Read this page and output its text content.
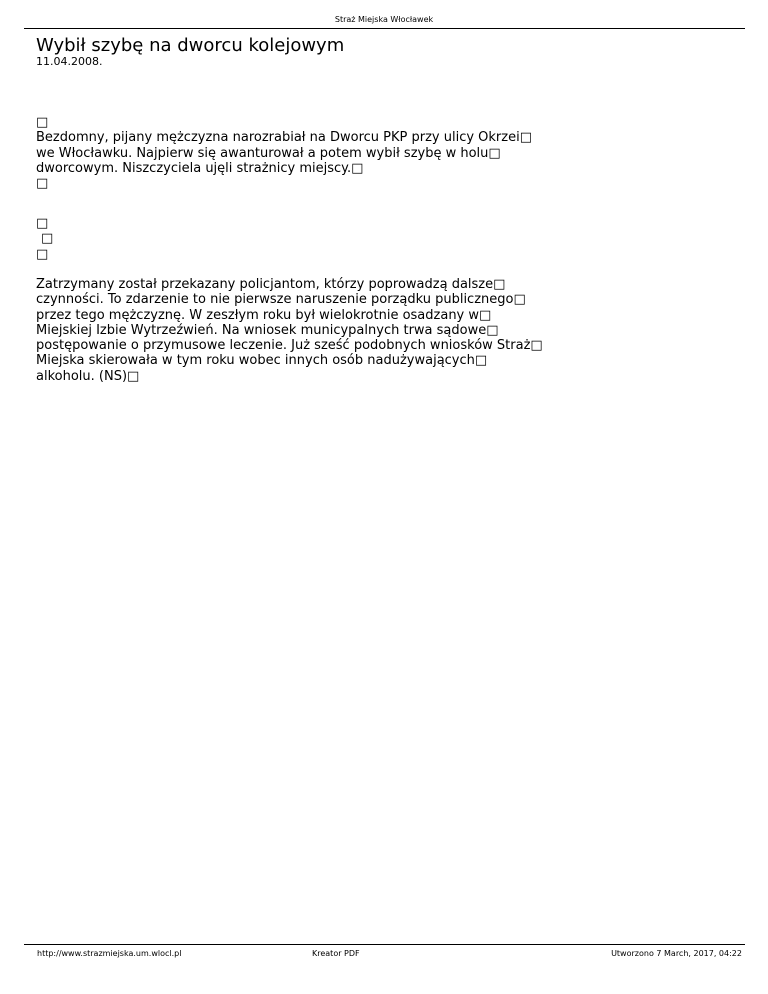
Straż Miejska Włocławek
Wybił szybę na dworcu kolejowym
11.04.2008.
□
Bezdomny, pijany mężczyzna narozrabiał na Dworcu PKP przy ulicy Okrzei□
we Włocławku. Najpierw się awanturował a potem wybił szybę w holu□
dworcowym. Niszczyciela ujęli strażnicy miejscy.□
□
□
□
□
Zatrzymany został przekazany policjantom, którzy poprowadzą dalsze□
czynności. To zdarzenie to nie pierwsze naruszenie porządku publicznego□
przez tego mężczyznę. W zeszłym roku był wielokrotnie osadzany w□
Miejskiej Izbie Wytrzeźwień. Na wniosek municypalnych trwa sądowe□
postępowanie o przymusowe leczenie. Już sześć podobnych wniosków Straż□
Miejska skierowała w tym roku wobec innych osób nadużywających□
alkoholu. (NS)□
http://www.strazmiejska.um.wlocl.pl	Kreator PDF	Utworzono 7 March, 2017, 04:22
